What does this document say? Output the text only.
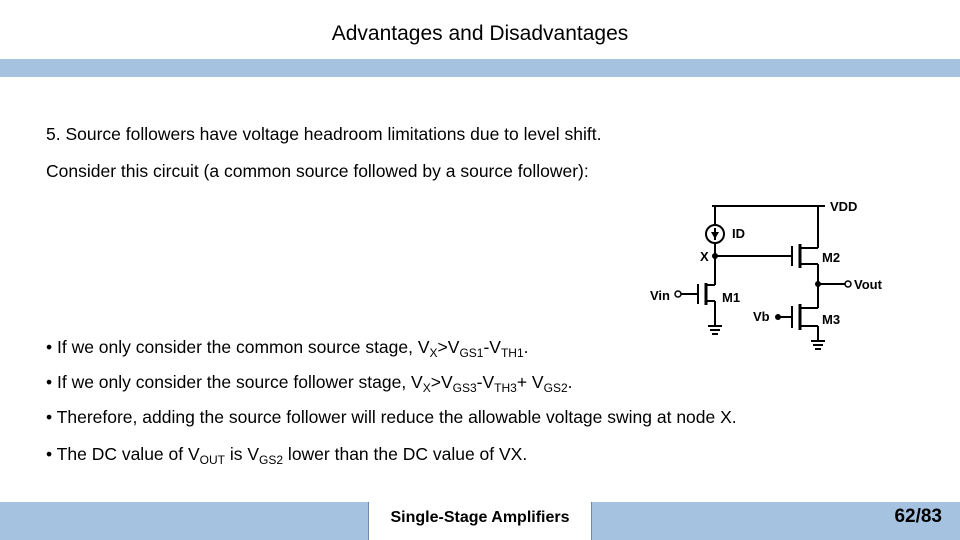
Advantages and Disadvantages
5. Source followers have voltage headroom limitations due to level shift.
Consider this circuit (a common source followed by a source follower):
VDD
ID
X	M2
Vout
Vin	M1
Vb	M3
• If we only consider the common source stage, $V_X>V_{GS1}-V_{TH1}$.
• If we only consider the source follower stage, $V_X>V_{GS3}-V_{TH3}+ V_{GS2}$.
• Therefore, adding the source follower will reduce the allowable voltage swing at node X.
• The DC value of $V_{OUT}$ is $V_{GS2}$ lower than the DC value of VX.
Single-Stage Amplifiers	62/83
